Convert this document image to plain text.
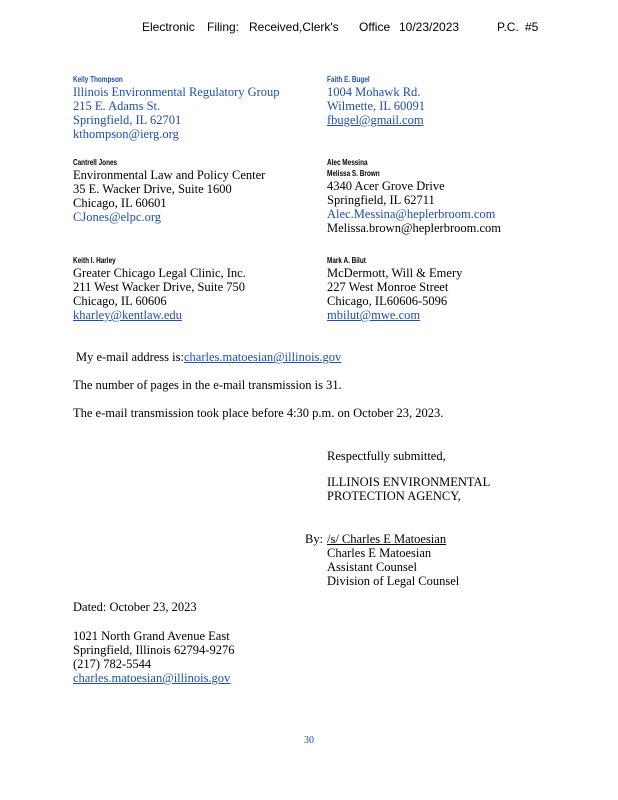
Electronic Filing: Received,Clerk's Office 10/23/2023	P.C. #5
Kelly Thompson
Illinois Environmental Regulatory Group
215 E. Adams St.
Springfield, IL 62701
kthompson@ierg.org
Faith E. Bugel
1004 Mohawk Rd.
Wilmette, IL 60091
fbugel@gmail.com
Cantrell Jones
Environmental Law and Policy Center
35 E. Wacker Drive, Suite 1600
Chicago, IL 60601
CJones@elpc.org
Alec Messina
Melissa S. Brown
4340 Acer Grove Drive
Springfield, IL 62711
Alec.Messina@heplerbroom.com
Melissa.brown@heplerbroom.com
Keith I. Harley
Greater Chicago Legal Clinic, Inc.
211 West Wacker Drive, Suite 750
Chicago, IL 60606
kharley@kentlaw.edu
Mark A. Bilut
McDermott, Will & Emery
227 West Monroe Street
Chicago, IL60606-5096
mbilut@mwe.com
My e-mail address is:charles.matoesian@illinois.gov
The number of pages in the e-mail transmission is 31.
The e-mail transmission took place before 4:30 p.m. on October 23, 2023.
Respectfully submitted,
ILLINOIS ENVIRONMENTAL
PROTECTION AGENCY,
By: /s/ Charles E Matoesian
Charles E Matoesian
Assistant Counsel
Division of Legal Counsel
Dated: October 23, 2023
1021 North Grand Avenue East
Springfield, Illinois 62794-9276
(217) 782-5544
charles.matoesian@illinois.gov
30
